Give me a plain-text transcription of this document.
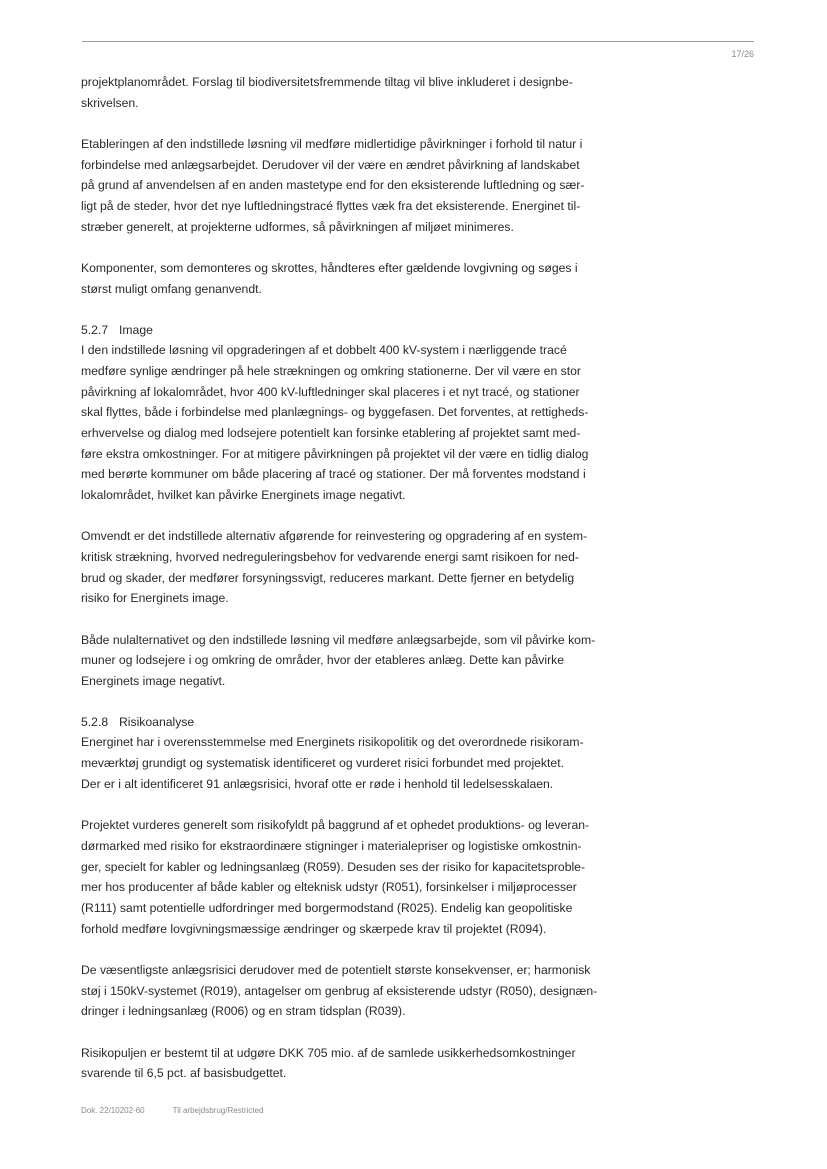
17/26

projektplanområdet. Forslag til biodiversitetsfremmende tiltag vil blive inkluderet i designbe-
skrivelsen.

Etableringen af den indstillede løsning vil medføre midlertidige påvirkninger i forhold til natur i
forbindelse med anlægsarbejdet. Derudover vil der være en ændret påvirkning af landskabet
på grund af anvendelsen af en anden mastetype end for den eksisterende luftledning og sær-
ligt på de steder, hvor det nye luftledningstracé flyttes væk fra det eksisterende. Energinet til-
stræber generelt, at projekterne udformes, så påvirkningen af miljøet minimeres.

Komponenter, som demonteres og skrottes, håndteres efter gældende lovgivning og søges i
størst muligt omfang genanvendt.

5.2.7 Image

I den indstillede løsning vil opgraderingen af et dobbelt 400 kV-system i nærliggende tracé
medføre synlige ændringer på hele strækningen og omkring stationerne. Der vil være en stor
påvirkning af lokalområdet, hvor 400 kV-luftledninger skal placeres i et nyt tracé, og stationer
skal flyttes, både i forbindelse med planlægnings- og byggefasen. Det forventes, at rettigheds-
erhvervelse og dialog med lodsejere potentielt kan forsinke etablering af projektet samt med-
føre ekstra omkostninger. For at mitigere påvirkningen på projektet vil der være en tidlig dialog
med berørte kommuner om både placering af tracé og stationer. Der må forventes modstand i
lokalområdet, hvilket kan påvirke Energinets image negativt.

Omvendt er det indstillede alternativ afgørende for reinvestering og opgradering af en system-
kritisk strækning, hvorved nedreguleringsbehov for vedvarende energi samt risikoen for ned-
brud og skader, der medfører forsyningssvigt, reduceres markant. Dette fjerner en betydelig
risiko for Energinets image.

Både nulalternativet og den indstillede løsning vil medføre anlægsarbejde, som vil påvirke kom-
muner og lodsejere i og omkring de områder, hvor der etableres anlæg. Dette kan påvirke
Energinets image negativt.

5.2.8 Risikoanalyse

Energinet har i overensstemmelse med Energinets risikopolitik og det overordnede risikoram-
meværktøj grundigt og systematisk identificeret og vurderet risici forbundet med projektet.
Der er i alt identificeret 91 anlægsrisici, hvoraf otte er røde i henhold til ledelsesskalaen.

Projektet vurderes generelt som risikofyldt på baggrund af et ophedet produktions- og leveran-
dørmarked med risiko for ekstraordinære stigninger i materialepriser og logistiske omkostnin-
ger, specielt for kabler og ledningsanlæg (R059). Desuden ses der risiko for kapacitetsproble-
mer hos producenter af både kabler og elteknisk udstyr (R051), forsinkelser i miljøprocesser
(R111) samt potentielle udfordringer med borgermodstand (R025). Endelig kan geopolitiske
forhold medføre lovgivningsmæssige ændringer og skærpede krav til projektet (R094).

De væsentligste anlægsrisici derudover med de potentielt største konsekvenser, er; harmonisk
støj i 150kV-systemet (R019), antagelser om genbrug af eksisterende udstyr (R050), designæn-
dringer i ledningsanlæg (R006) og en stram tidsplan (R039).

Risikopuljen er bestemt til at udgøre DKK 705 mio. af de samlede usikkerhedsomkostninger
svarende til 6,5 pct. af basisbudgettet.

Dok. 22/10202-60	Til arbejdsbrug/Restricted
